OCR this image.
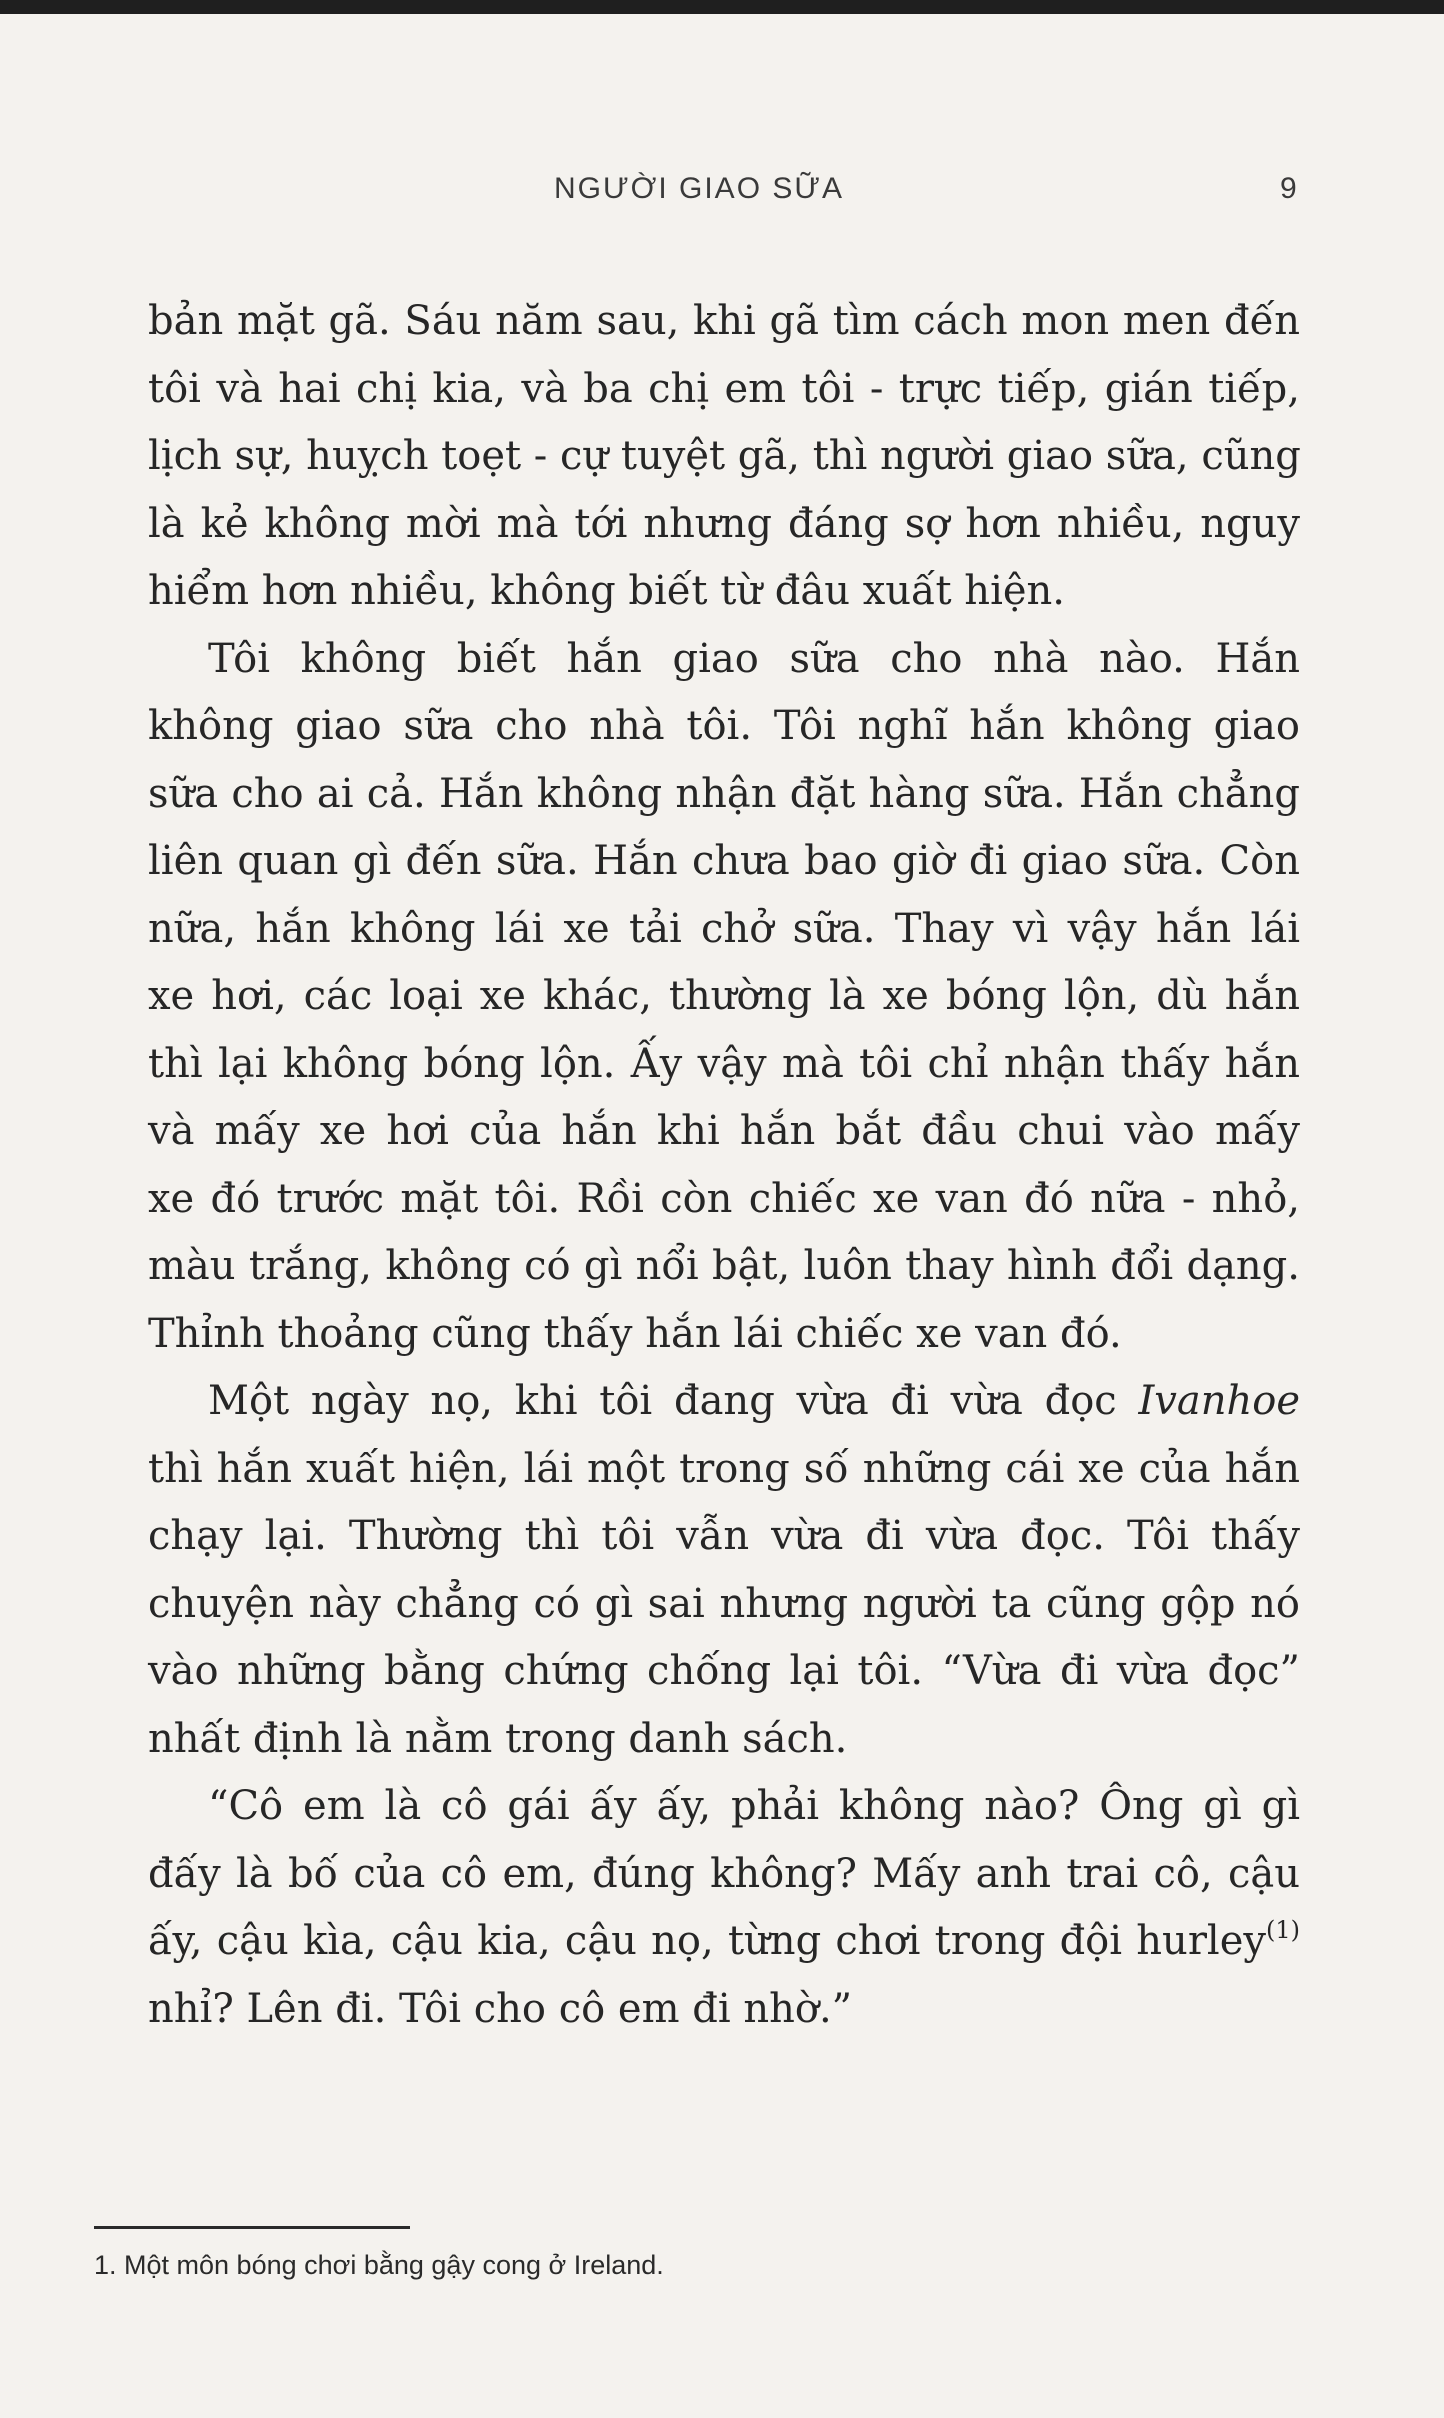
NGƯỜI GIAO SỮA	9
bản mặt gã. Sáu năm sau, khi gã tìm cách mon men đến
tôi và hai chị kia, và ba chị em tôi - trực tiếp, gián tiếp,
lịch sự, huỵch toẹt - cự tuyệt gã, thì người giao sữa, cũng
là kẻ không mời mà tới nhưng đáng sợ hơn nhiều, nguy
hiểm hơn nhiều, không biết từ đâu xuất hiện.
Tôi không biết hắn giao sữa cho nhà nào. Hắn
không giao sữa cho nhà tôi. Tôi nghĩ hắn không giao
sữa cho ai cả. Hắn không nhận đặt hàng sữa. Hắn chẳng
liên quan gì đến sữa. Hắn chưa bao giờ đi giao sữa. Còn
nữa, hắn không lái xe tải chở sữa. Thay vì vậy hắn lái
xe hơi, các loại xe khác, thường là xe bóng lộn, dù hắn
thì lại không bóng lộn. Ấy vậy mà tôi chỉ nhận thấy hắn
và mấy xe hơi của hắn khi hắn bắt đầu chui vào mấy
xe đó trước mặt tôi. Rồi còn chiếc xe van đó nữa - nhỏ,
màu trắng, không có gì nổi bật, luôn thay hình đổi dạng.
Thỉnh thoảng cũng thấy hắn lái chiếc xe van đó.
Một ngày nọ, khi tôi đang vừa đi vừa đọc Ivanhoe
thì hắn xuất hiện, lái một trong số những cái xe của hắn
chạy lại. Thường thì tôi vẫn vừa đi vừa đọc. Tôi thấy
chuyện này chẳng có gì sai nhưng người ta cũng gộp nó
vào những bằng chứng chống lại tôi. “Vừa đi vừa đọc”
nhất định là nằm trong danh sách.
“Cô em là cô gái ấy ấy, phải không nào? Ông gì gì
đấy là bố của cô em, đúng không? Mấy anh trai cô, cậu
ấy, cậu kìa, cậu kia, cậu nọ, từng chơi trong đội hurley$^{(1)}$
nhỉ? Lên đi. Tôi cho cô em đi nhờ.”
1. Một môn bóng chơi bằng gậy cong ở Ireland.
